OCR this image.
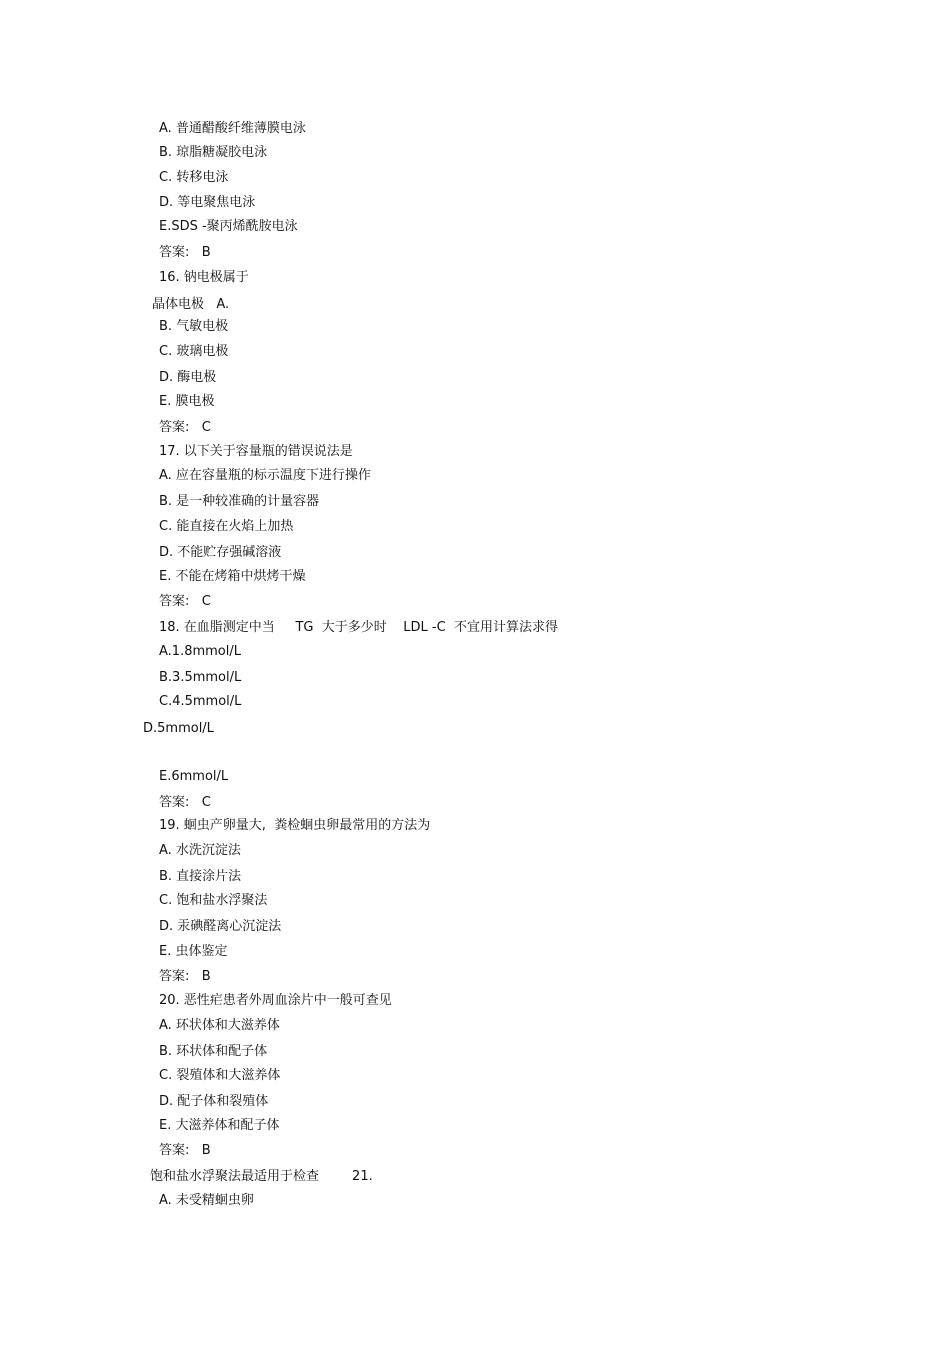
A. 普通醋酸纤维薄膜电泳

B. 琼脂糖凝胶电泳

C. 转移电泳

D. 等电聚焦电泳

E.SDS -聚丙烯酰胺电泳

答案:   B

16. 钠电极属于

晶体电极   A.

B. 气敏电极

C. 玻璃电极

D. 酶电极

E. 膜电极

答案:   C

17. 以下关于容量瓶的错误说法是

A. 应在容量瓶的标示温度下进行操作

B. 是一种较准确的计量容器

C. 能直接在火焰上加热

D. 不能贮存强碱溶液

E. 不能在烤箱中烘烤干燥

答案:   C

18. 在血脂测定中当     TG  大于多少时    LDL -C  不宜用计算法求得

A.1.8mmol/L

B.3.5mmol/L

C.4.5mmol/L

D.5mmol/L

E.6mmol/L

答案:   C

19. 蛔虫产卵量大,  粪检蛔虫卵最常用的方法为

A. 水洗沉淀法

B. 直接涂片法

C. 饱和盐水浮聚法

D. 汞碘醛离心沉淀法

E. 虫体鉴定

答案:   B

20. 恶性疟患者外周血涂片中一般可查见

A. 环状体和大滋养体

B. 环状体和配子体

C. 裂殖体和大滋养体

D. 配子体和裂殖体

E. 大滋养体和配子体

答案:   B

饱和盐水浮聚法最适用于检查        21.

A. 未受精蛔虫卵
